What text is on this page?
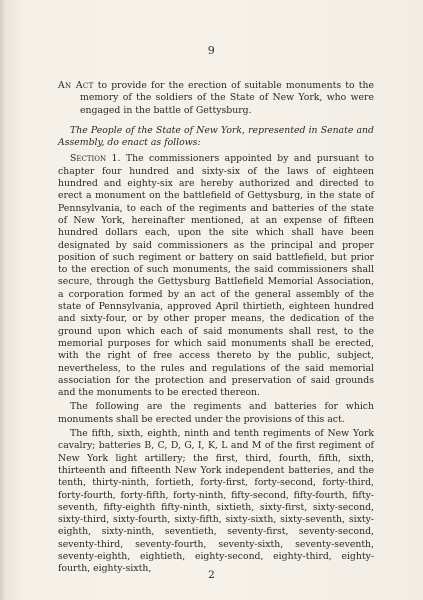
9

An Act to provide for the erection of suitable monuments to the memory of the soldiers of the State of New York, who were engaged in the battle of Gettysburg.

The People of the State of New York, represented in Senate and Assembly, do enact as follows:

Section 1. The commissioners appointed by and pursuant to chapter four hundred and sixty-six of the laws of eighteen hundred and eighty-six are hereby authorized and directed to erect a monument on the battlefield of Gettysburg, in the state of Pennsylvania, to each of the regiments and batteries of the state of New York, hereinafter mentioned, at an expense of fifteen hundred dollars each, upon the site which shall have been designated by said commissioners as the principal and proper position of such regiment or battery on said battlefield, but prior to the erection of such monuments, the said commissioners shall secure, through the Gettysburg Battlefield Memorial Association, a corporation formed by an act of the general assembly of the state of Pennsylvania, approved April thirtieth, eighteen hundred and sixty-four, or by other proper means, the dedication of the ground upon which each of said monuments shall rest, to the memorial purposes for which said monuments shall be erected, with the right of free access thereto by the public, subject, nevertheless, to the rules and regulations of the said memorial association for the protection and preservation of said grounds and the monuments to be erected thereon.

The following are the regiments and batteries for which monuments shall be erected under the provisions of this act.

The fifth, sixth, eighth, ninth and tenth regiments of New York cavalry; batteries B, C, D, G, I, K, L and M of the first regiment of New York light artillery; the first, third, fourth, fifth, sixth, thirteenth and fifteenth New York independent batteries, and the tenth, thirty-ninth, fortieth, forty-first, forty-second, forty-third, forty-fourth, forty-fifth, forty-ninth, fifty-second, fifty-fourth, fifty-seventh, fifty-eighth fifty-ninth, sixtieth, sixty-first, sixty-second, sixty-third, sixty-fourth, sixty-fifth, sixty-sixth, sixty-seventh, sixty-eighth, sixty-ninth, seventieth, seventy-first, seventy-second, seventy-third, seventy-fourth, seventy-sixth, seventy-seventh, seventy-eighth, eightieth, eighty-second, eighty-third, eighty-fourth, eighty-sixth,

2
